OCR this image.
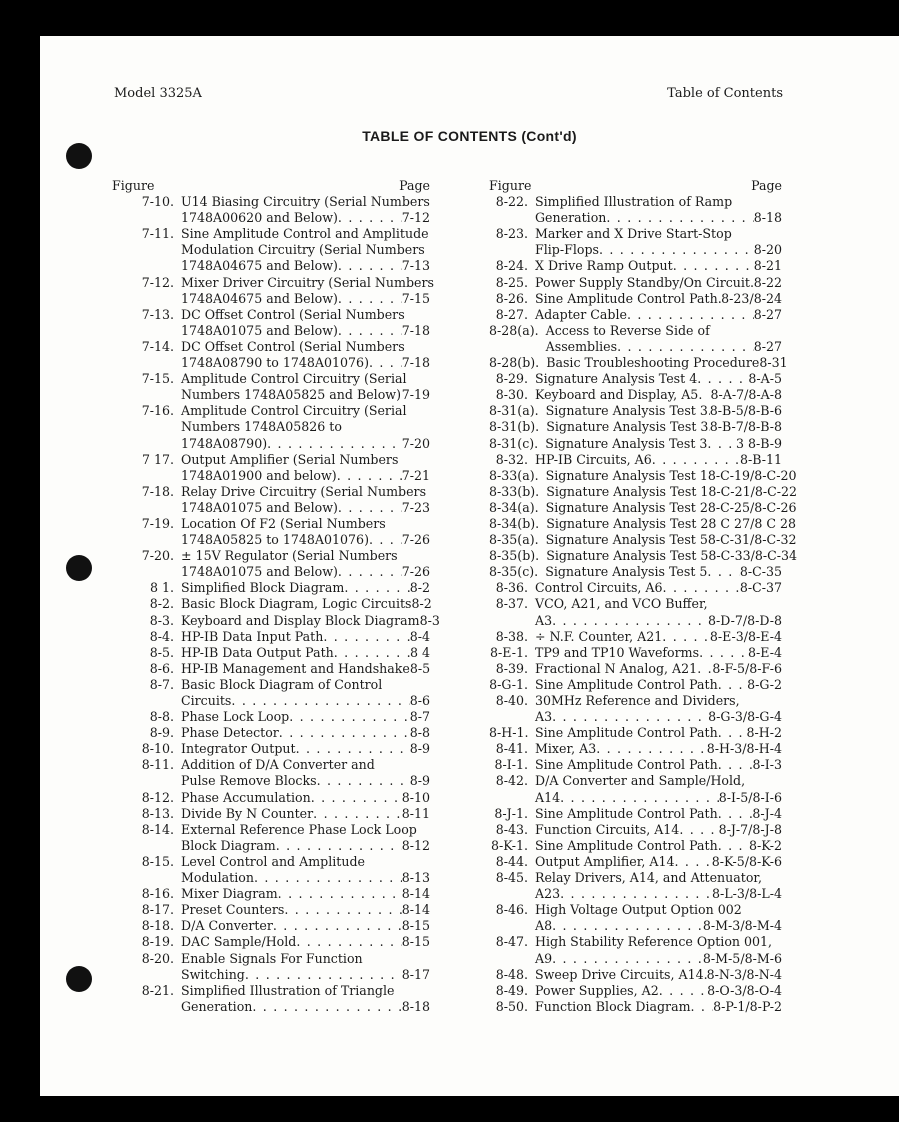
Model 3325A	Table of Contents
TABLE OF CONTENTS (Cont'd)
Figure	Page
7-10. U14 Biasing Circuitry (Serial Numbers
1748A00620 and Below) . . .	7-12
7-11. Sine Amplitude Control and Amplitude
Modulation Circuitry (Serial Numbers
1748A04675 and Below) . . .	7-13
7-12. Mixer Driver Circuitry (Serial Numbers
1748A04675 and Below) . . .	7-15
7-13. DC Offset Control (Serial Numbers
1748A01075 and Below) . . .	7-18
7-14. DC Offset Control (Serial Numbers
1748A08790 to 1748A01076) . . .	7-18
7-15. Amplitude Control Circuitry (Serial
Numbers 1748A05825 and Below) . . . 7-19
7-16. Amplitude Control Circuitry (Serial
Numbers 1748A05826 to
1748A08790) . . .	7-20
7 17. Output Amplifier (Serial Numbers
1748A01900 and below) . . .	7-21
7-18. Relay Drive Circuitry (Serial Numbers
1748A01075 and Below) . . .	7-23
7-19. Location Of F2 (Serial Numbers
1748A05825 to 1748A01076) . . .	7-26
7-20. ± 15V Regulator (Serial Numbers
1748A01075 and Below) . . .	7-26
8 1. Simplified Block Diagram . . .	8-2
8-2. Basic Block Diagram, Logic Circuits 8-2
8-3. Keyboard and Display Block Diagram 8-3
8-4. HP-IB Data Input Path . . .	8-4
8-5. HP-IB Data Output Path . . .	8 4
8-6. HP-IB Management and Handshake 8-5
8-7. Basic Block Diagram of Control
Circuits . . .	8-6
8-8. Phase Lock Loop . . .	8-7
8-9. Phase Detector . . .	8-8
8-10. Integrator Output . . .	8-9
8-11. Addition of D/A Converter and
Pulse Remove Blocks . . .	8-9
8-12. Phase Accumulation . . .	8-10
8-13. Divide By N Counter . . .	8-11
8-14. External Reference Phase Lock Loop
Block Diagram . . .	8-12
8-15. Level Control and Amplitude
Modulation . . .	8-13
8-16. Mixer Diagram . . .	8-14
8-17. Preset Counters . . .	8-14
8-18. D/A Converter . . .	8-15
8-19. DAC Sample/Hold . . .	8-15
8-20. Enable Signals For Function
Switching . . .	8-17
8-21. Simplified Illustration of Triangle
Generation . . .	8-18
Figure	Page
8-22. Simplified Illustration of Ramp
Generation . . .	8-18
8-23. Marker and X Drive Start-Stop
Flip-Flops . . .	8-20
8-24. X Drive Ramp Output . . .	8-21
8-25. Power Supply Standby/On Circuit . . . 8-22
8-26. Sine Amplitude Control Path . . . 8-23/8-24
8-27. Adapter Cable . . .	8-27
8-28(a). Access to Reverse Side of
Assemblies . . .	8-27
8-28(b). Basic Troubleshooting Procedure 8-31
8-29. Signature Analysis Test 4 . . .	8-A-5
8-30. Keyboard and Display, A5 . . . 8-A-7/8-A-8
8-31(a). Signature Analysis Test 3 . . . 8-B-5/8-B-6
8-31(b). Signature Analysis Test 3 . . . 8-B-7/8-B-8
8-31(c). Signature Analysis Test 3 . . . 3 8-B-9
8-32. HP-IB Circuits, A6 . . .	8-B-11
8-33(a). Signature Analysis Test 1 8-C-19/8-C-20
8-33(b). Signature Analysis Test 1 8-C-21/8-C-22
8-34(a). Signature Analysis Test 2 8-C-25/8-C-26
8-34(b). Signature Analysis Test 2 8 C 27/8 C 28
8-35(a). Signature Analysis Test 5 8-C-31/8-C-32
8-35(b). Signature Analysis Test 5 8-C-33/8-C-34
8-35(c). Signature Analysis Test 5 . . .	8-C-35
8-36. Control Circuits, A6 . . .	8-C-37
8-37. VCO, A21, and VCO Buffer,
A3 . . .	8-D-7/8-D-8
8-38. ÷ N.F. Counter, A21 . . .	8-E-3/8-E-4
8-E-1. TP9 and TP10 Waveforms . . .	8-E-4
8-39. Fractional N Analog, A21 . . . 8-F-5/8-F-6
8-G-1. Sine Amplitude Control Path . . . 8-G-2
8-40. 30MHz Reference and Dividers,
A3 . . .	8-G-3/8-G-4
8-H-1. Sine Amplitude Control Path . . . 8-H-2
8-41. Mixer, A3 . . .	8-H-3/8-H-4
8-I-1. Sine Amplitude Control Path . . .	8-I-3
8-42. D/A Converter and Sample/Hold,
A14 . . .	8-I-5/8-I-6
8-J-1. Sine Amplitude Control Path . . .	8-J-4
8-43. Function Circuits, A14 . . .	8-J-7/8-J-8
8-K-1. Sine Amplitude Control Path . . . 8-K-2
8-44. Output Amplifier, A14 . . .	8-K-5/8-K-6
8-45. Relay Drivers, A14, and Attenuator,
A23 . . .	8-L-3/8-L-4
8-46. High Voltage Output Option 002
A8 . . .	8-M-3/8-M-4
8-47. High Stability Reference Option 001,
A9 . . .	8-M-5/8-M-6
8-48. Sweep Drive Circuits, A14 . . . 8-N-3/8-N-4
8-49. Power Supplies, A2 . . .	8-O-3/8-O-4
8-50. Function Block Diagram . . . 8-P-1/8-P-2
